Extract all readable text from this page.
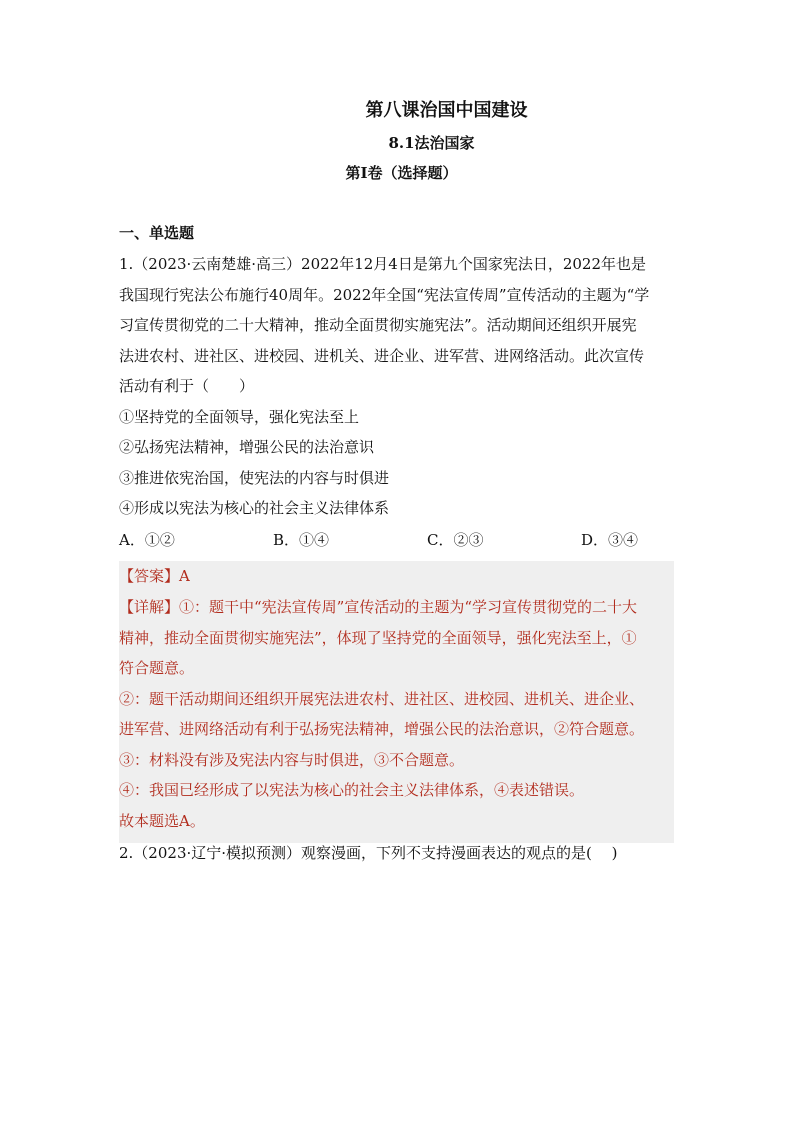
第八课治国中国建设
8.1法治国家
第I卷（选择题）
一、单选题
1.（2023·云南楚雄·高三）2022年12月4日是第九个国家宪法日，2022年也是
我国现行宪法公布施行40周年。2022年全国“宪法宣传周”宣传活动的主题为“学
习宣传贯彻党的二十大精神，推动全面贯彻实施宪法”。活动期间还组织开展宪
法进农村、进社区、进校园、进机关、进企业、进军营、进网络活动。此次宣传
活动有利于（　　）
①坚持党的全面领导，强化宪法至上
②弘扬宪法精神，增强公民的法治意识
③推进依宪治国，使宪法的内容与时俱进
④形成以宪法为核心的社会主义法律体系
A．①②	B．①④	C．②③	D．③④
【答案】A
【详解】①：题干中“宪法宣传周”宣传活动的主题为“学习宣传贯彻党的二十大
精神，推动全面贯彻实施宪法”，体现了坚持党的全面领导，强化宪法至上，①
符合题意。
②：题干活动期间还组织开展宪法进农村、进社区、进校园、进机关、进企业、
进军营、进网络活动有利于弘扬宪法精神，增强公民的法治意识，②符合题意。
③：材料没有涉及宪法内容与时俱进，③不合题意。
④：我国已经形成了以宪法为核心的社会主义法律体系，④表述错误。
故本题选A。
2.（2023·辽宁·模拟预测）观察漫画，下列不支持漫画表达的观点的是(　 )
